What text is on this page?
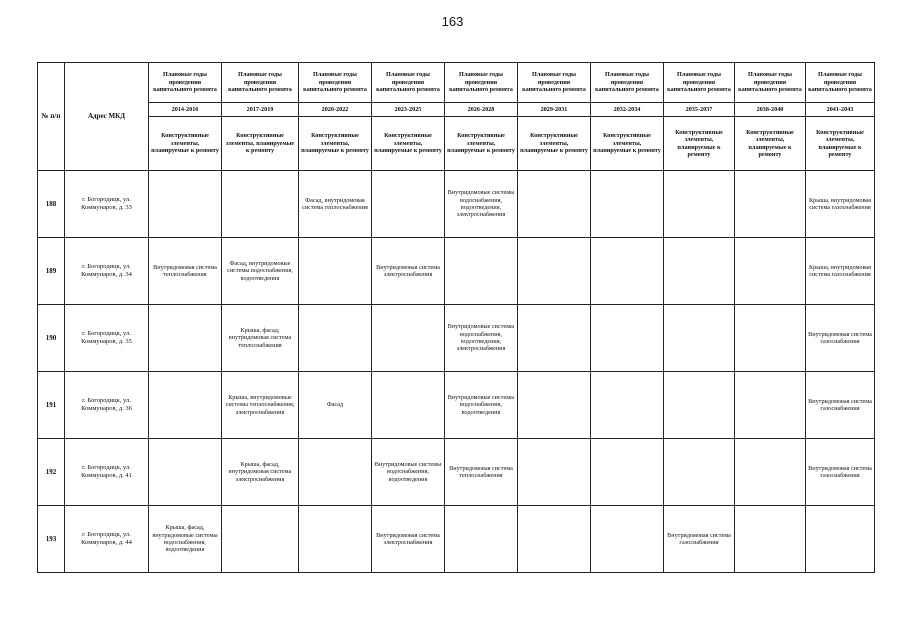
163
№ п/п	Адрес МКД	Плановые годы проведения капитального ремонта	Плановые годы проведения капитального ремонта	Плановые годы проведения капитального ремонта	Плановые годы проведения капитального ремонта	Плановые годы проведения капитального ремонта	Плановые годы проведения капитального ремонта	Плановые годы проведения капитального ремонта	Плановые годы проведения капитального ремонта	Плановые годы проведения капитального ремонта	Плановые годы проведения капитального ремонта
		2014-2016	2017-2019	2020-2022	2023-2025	2026-2028	2029-2031	2032-2034	2035-2037	2038-2040	2041-2043
		Конструктивные элементы, планируемые к ремонту	Конструктивные элементы, планируемые к ремонту	Конструктивные элементы, планируемые к ремонту	Конструктивные элементы, планируемые к ремонту	Конструктивные элементы, планируемые к ремонту	Конструктивные элементы, планируемые к ремонту	Конструктивные элементы, планируемые к ремонту	Конструктивные элементы, планируемые к ремонту	Конструктивные элементы, планируемые к ремонту	Конструктивные элементы, планируемые к ремонту
188	г. Богородицк, ул. Коммунаров, д. 33			Фасад, внутридомовая система теплоснабжения		Внутридомовые системы водоснабжения, водоотведения, электроснабжения					Крыша, внутридомовая система газоснабжения
189	г. Богородицк, ул. Коммунаров, д. 34	Внутридомовая система теплоснабжения	Фасад, внутридомовые системы водоснабжения, водоотведения		Внутридомовая система электроснабжения						Крыша, внутридомовая система газоснабжения
190	г. Богородицк, ул. Коммунаров, д. 35		Крыша, фасад, внутридомовая система теплоснабжения			Внутридомовые системы водоснабжения, водоотведения, электроснабжения					Внутридомовая система газоснабжения
191	г. Богородицк, ул. Коммунаров, д. 36		Крыша, внутридомовые системы теплоснабжения, электроснабжения	Фасад		Внутридомовые системы водоснабжения, водоотведения					Внутридомовая система газоснабжения
192	г. Богородицк, ул. Коммунаров, д. 41		Крыша, фасад, внутридомовая система электроснабжения		Внутридомовые системы водоснабжения, водоотведения	Внутридомовая система теплоснабжения					Внутридомовая система газоснабжения
193	г. Богородицк, ул. Коммунаров, д. 44	Крыша, фасад, внутридомовые системы водоснабжения, водоотведения			Внутридомовая система электроснабжения				Внутридомовая система газоснабжения		
